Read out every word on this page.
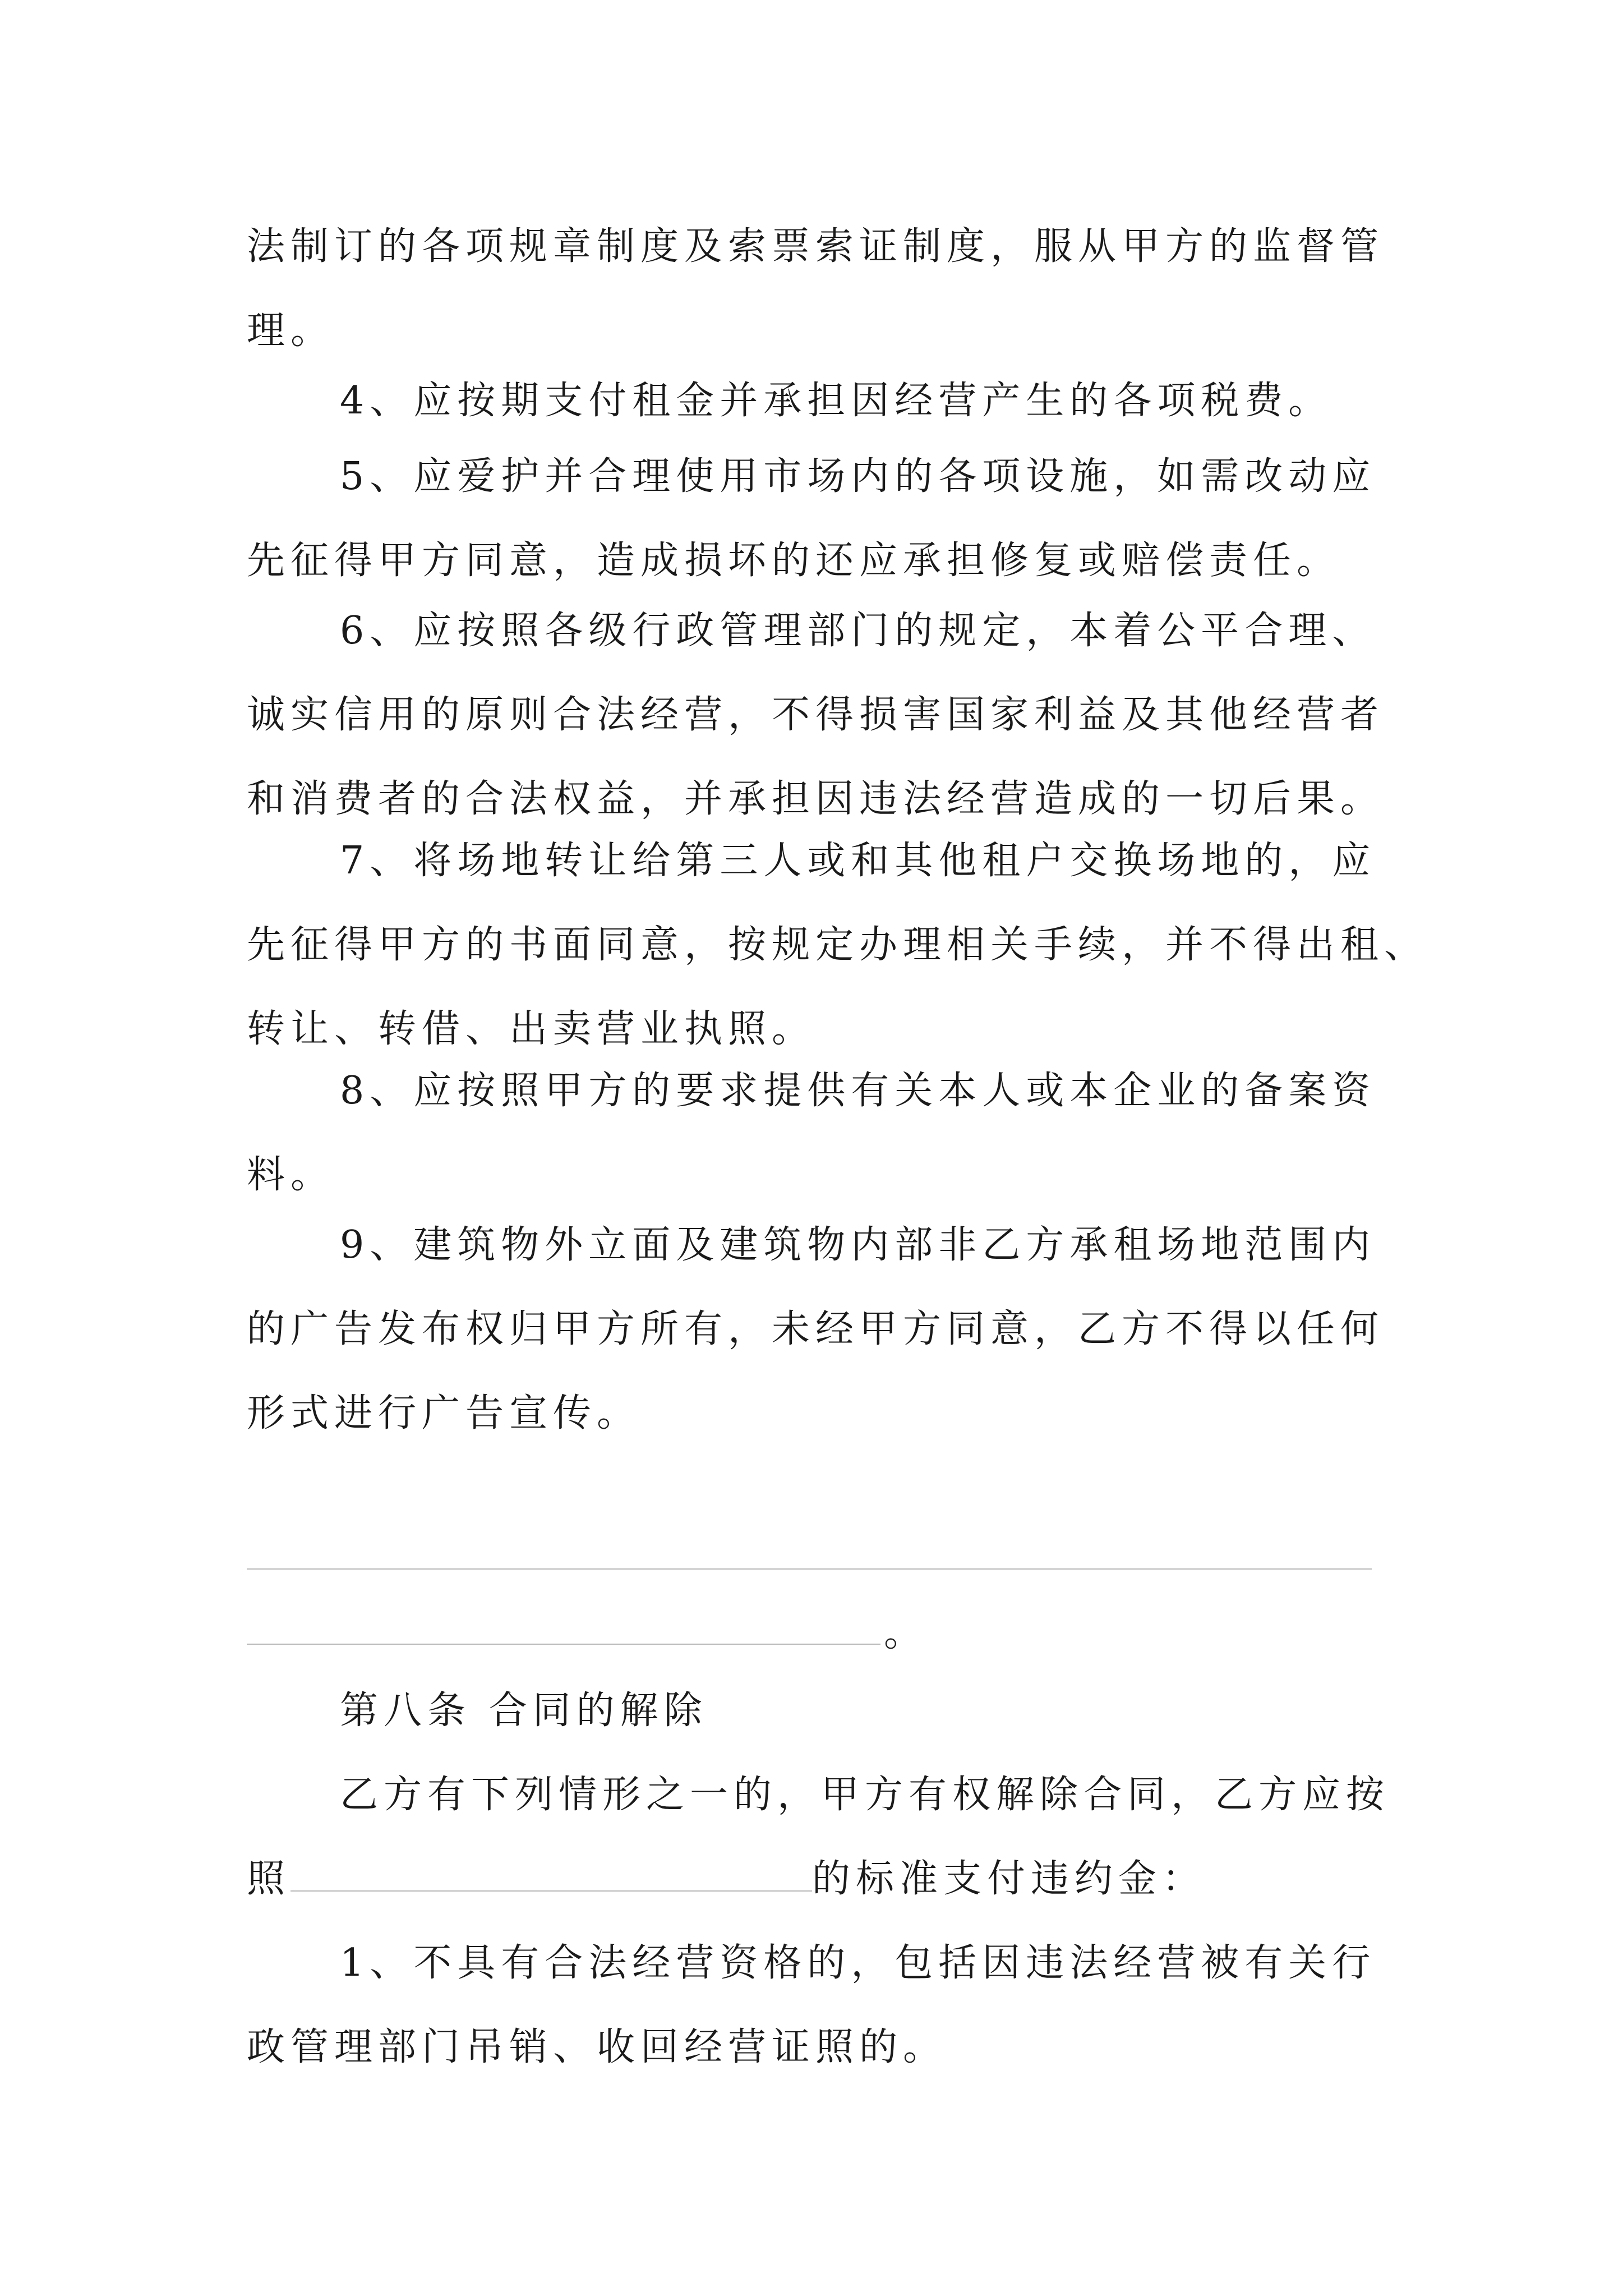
法制订的各项规章制度及索票索证制度，服从甲方的监督管
理。
4、应按期支付租金并承担因经营产生的各项税费。
5、应爱护并合理使用市场内的各项设施，如需改动应
先征得甲方同意，造成损坏的还应承担修复或赔偿责任。
6、应按照各级行政管理部门的规定，本着公平合理、
诚实信用的原则合法经营，不得损害国家利益及其他经营者
和消费者的合法权益，并承担因违法经营造成的一切后果。
7、将场地转让给第三人或和其他租户交换场地的，应
先征得甲方的书面同意，按规定办理相关手续，并不得出租、
转让、转借、出卖营业执照。
8、应按照甲方的要求提供有关本人或本企业的备案资
料。
9、建筑物外立面及建筑物内部非乙方承租场地范围内
的广告发布权归甲方所有，未经甲方同意，乙方不得以任何
形式进行广告宣传。
。
第八条 合同的解除
乙方有下列情形之一的，甲方有权解除合同，乙方应按
照	的标准支付违约金：
1、不具有合法经营资格的，包括因违法经营被有关行
政管理部门吊销、收回经营证照的。
